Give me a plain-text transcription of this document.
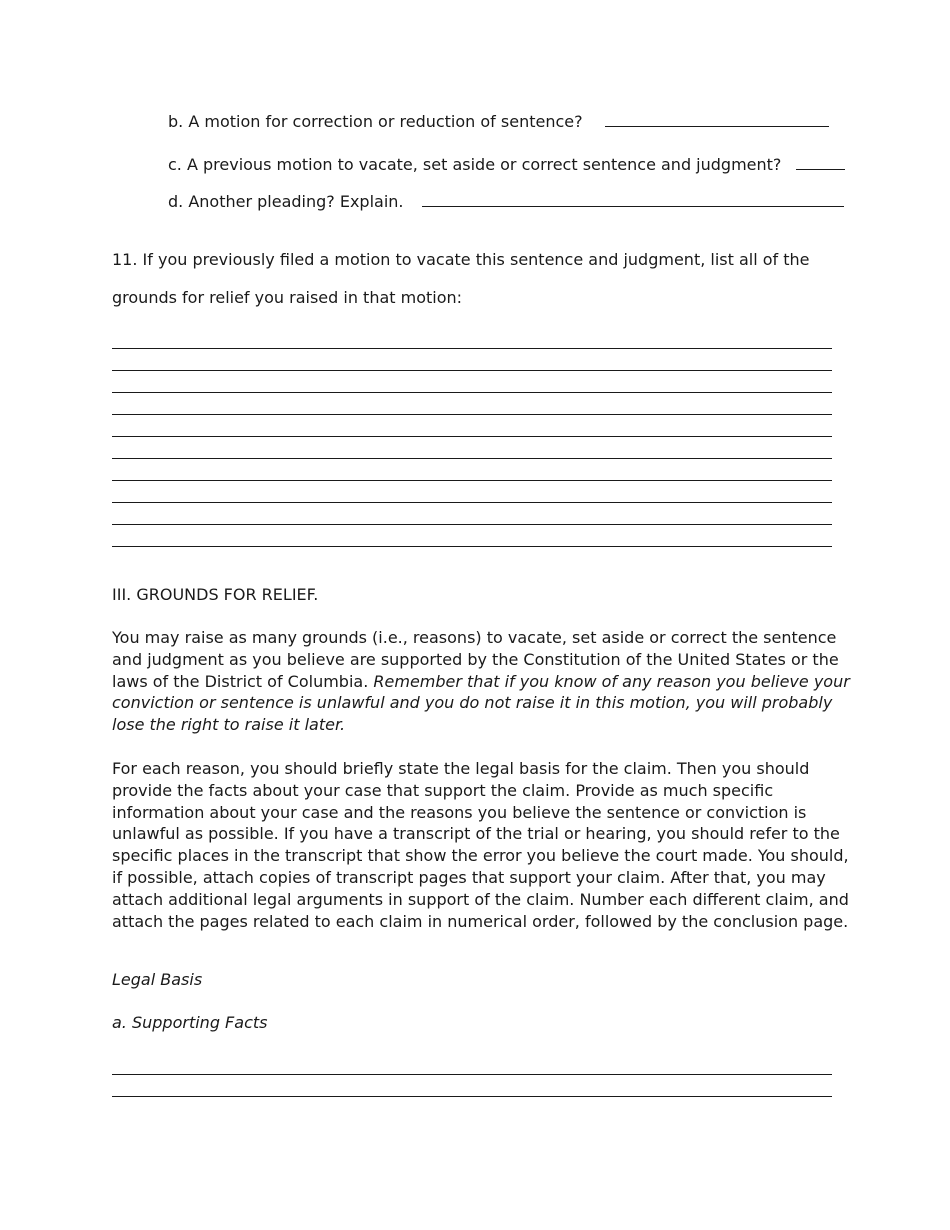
b. A motion for correction or reduction of sentence?
c. A previous motion to vacate, set aside or correct sentence and judgment?
d. Another pleading? Explain.
11. If you previously filed a motion to vacate this sentence and judgment, list all of the
grounds for relief you raised in that motion:
III. GROUNDS FOR RELIEF.
You may raise as many grounds (i.e., reasons) to vacate, set aside or correct the sentence
and judgment as you believe are supported by the Constitution of the United States or the
laws of the District of Columbia. Remember that if you know of any reason you believe your
conviction or sentence is unlawful and you do not raise it in this motion, you will probably
lose the right to raise it later.
For each reason, you should briefly state the legal basis for the claim. Then you should
provide the facts about your case that support the claim. Provide as much specific
information about your case and the reasons you believe the sentence or conviction is
unlawful as possible. If you have a transcript of the trial or hearing, you should refer to the
specific places in the transcript that show the error you believe the court made. You should,
if possible, attach copies of transcript pages that support your claim. After that, you may
attach additional legal arguments in support of the claim. Number each different claim, and
attach the pages related to each claim in numerical order, followed by the conclusion page.
Legal Basis
a. Supporting Facts
